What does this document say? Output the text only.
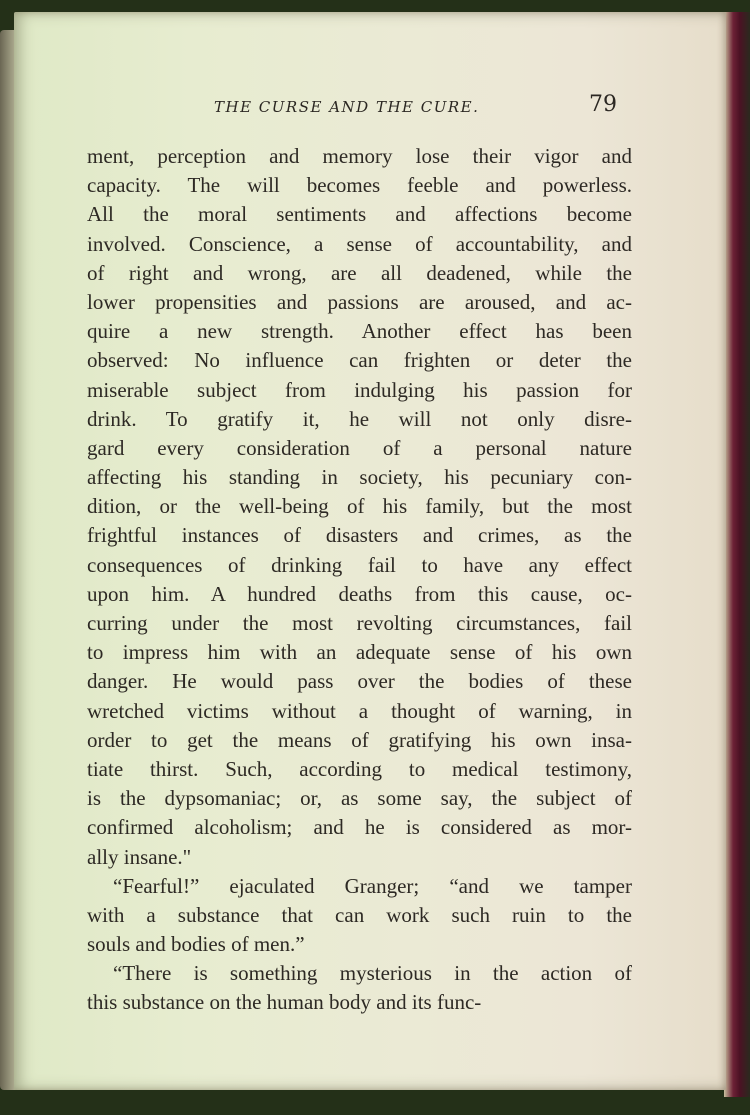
THE CURSE AND THE CURE.	79
ment, perception and memory lose their vigor and
capacity. The will becomes feeble and powerless.
All the moral sentiments and affections become
involved. Conscience, a sense of accountability, and
of right and wrong, are all deadened, while the
lower propensities and passions are aroused, and ac-
quire a new strength. Another effect has been
observed: No influence can frighten or deter the
miserable subject from indulging his passion for
drink. To gratify it, he will not only disre-
gard every consideration of a personal nature
affecting his standing in society, his pecuniary con-
dition, or the well-being of his family, but the most
frightful instances of disasters and crimes, as the
consequences of drinking fail to have any effect
upon him. A hundred deaths from this cause, oc-
curring under the most revolting circumstances, fail
to impress him with an adequate sense of his own
danger. He would pass over the bodies of these
wretched victims without a thought of warning, in
order to get the means of gratifying his own insa-
tiate thirst. Such, according to medical testimony,
is the dypsomaniac; or, as some say, the subject of
confirmed alcoholism; and he is considered as mor-
ally insane."
“Fearful!” ejaculated Granger; “and we tamper
with a substance that can work such ruin to the
souls and bodies of men.”
“There is something mysterious in the action of
this substance on the human body and its func-
